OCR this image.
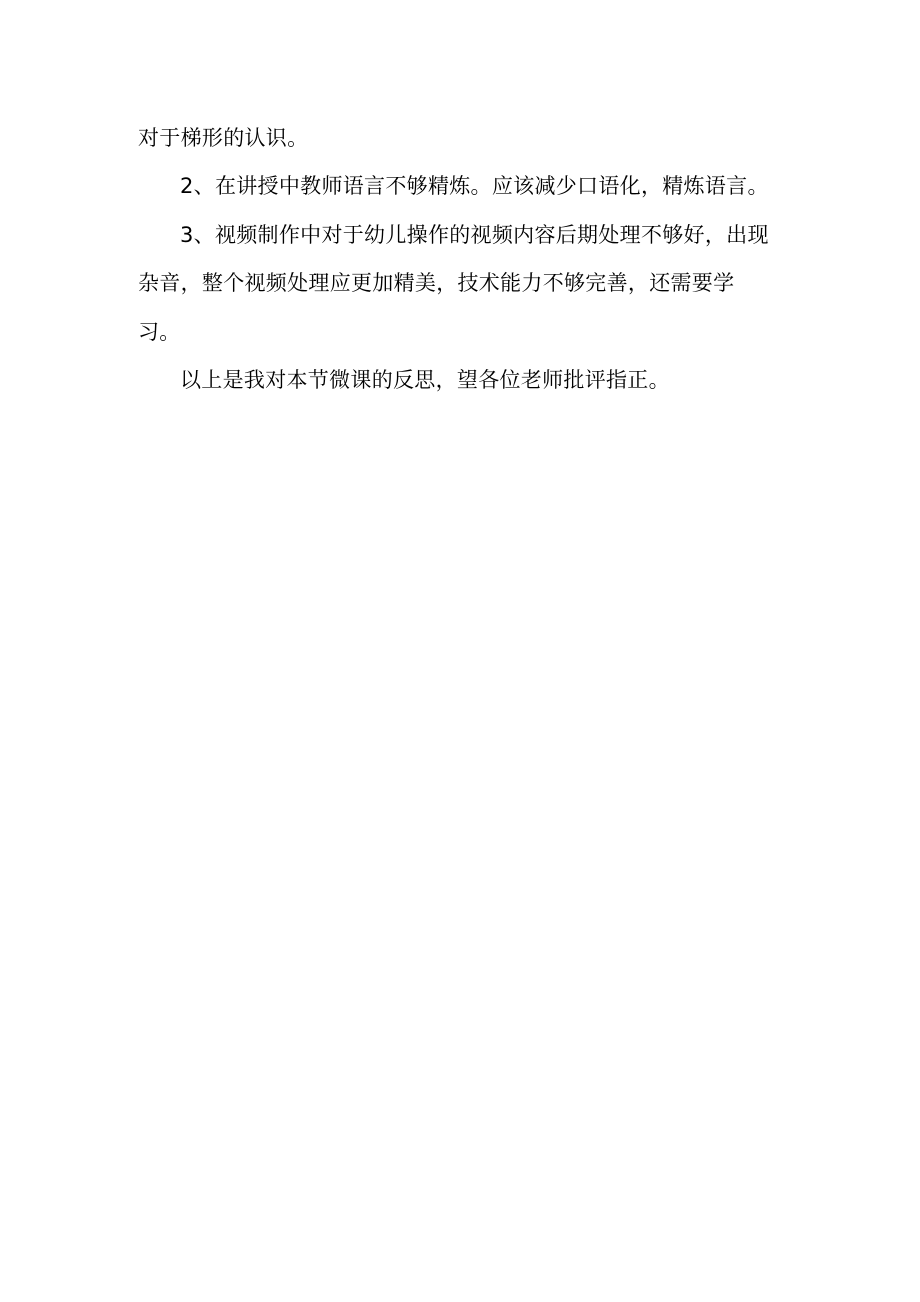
对于梯形的认识。
2、在讲授中教师语言不够精炼。应该减少口语化，精炼语言。
3、视频制作中对于幼儿操作的视频内容后期处理不够好，出现
杂音，整个视频处理应更加精美，技术能力不够完善，还需要学
习。
以上是我对本节微课的反思，望各位老师批评指正。
